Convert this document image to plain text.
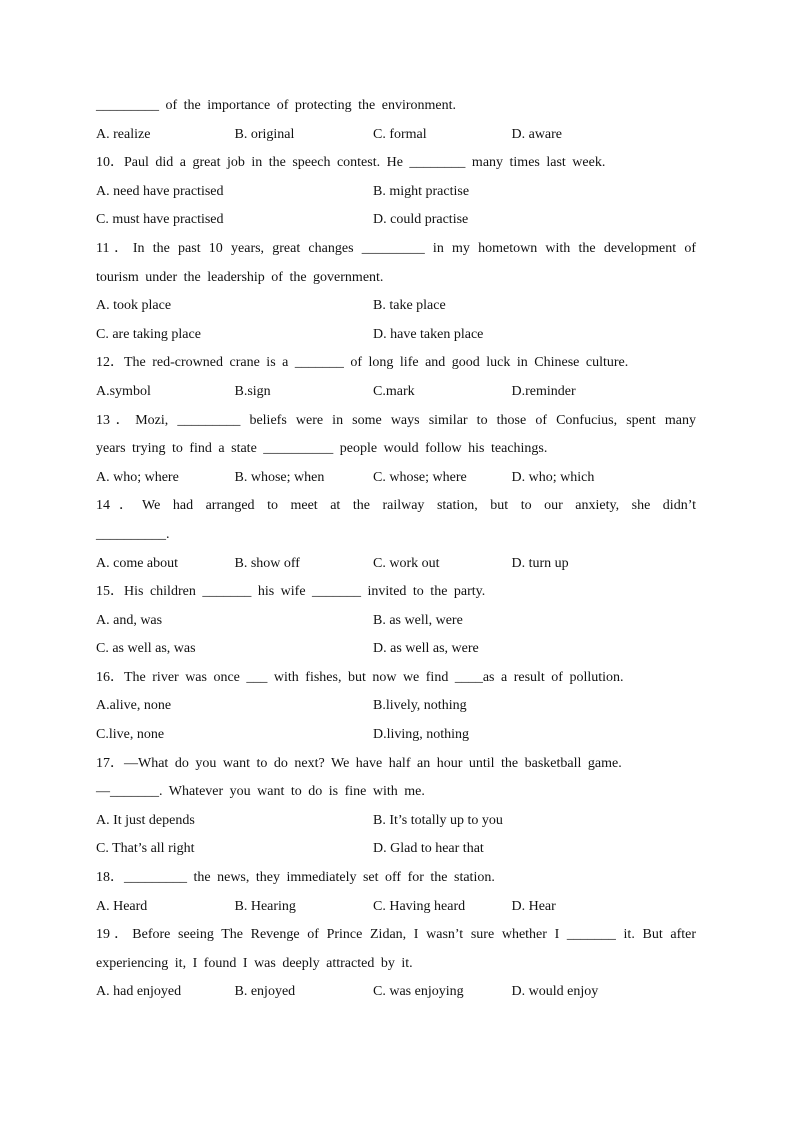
_________ of the importance of protecting the environment.
A. realize	B. original	C. formal	D. aware
10．Paul did a great job in the speech contest. He ________ many times last week.
A. need have practised	B. might practise
C. must have practised	D. could practise
11．In the past 10 years, great changes _________ in my hometown with the development of
tourism under the leadership of the government.
A. took place	B. take place
C. are taking place	D. have taken place
12．The red-crowned crane is a _______ of long life and good luck in Chinese culture.
A.symbol	B.sign	C.mark	D.reminder
13．Mozi, _________ beliefs were in some ways similar to those of Confucius, spent many
years trying to find a state __________ people would follow his teachings.
A. who; where	B. whose; when	C. whose; where	D. who; which
14．We had arranged to meet at the railway station, but to our anxiety, she didn’t
__________.
A. come about	B. show off	C. work out	D. turn up
15．His children _______ his wife _______ invited to the party.
A. and, was	B. as well, were
C. as well as, was	D. as well as, were
16．The river was once ___ with fishes, but now we find ____as a result of pollution.
A.alive, none	B.lively, nothing
C.live, none	D.living, nothing
17．—What do you want to do next? We have half an hour until the basketball game.
—_______. Whatever you want to do is fine with me.
A. It just depends	B. It’s totally up to you
C. That’s all right	D. Glad to hear that
18．_________ the news, they immediately set off for the station.
A. Heard	B. Hearing	C. Having heard	D. Hear
19．Before seeing The Revenge of Prince Zidan, I wasn’t sure whether I _______ it. But after
experiencing it, I found I was deeply attracted by it.
A. had enjoyed	B. enjoyed	C. was enjoying	D. would enjoy
